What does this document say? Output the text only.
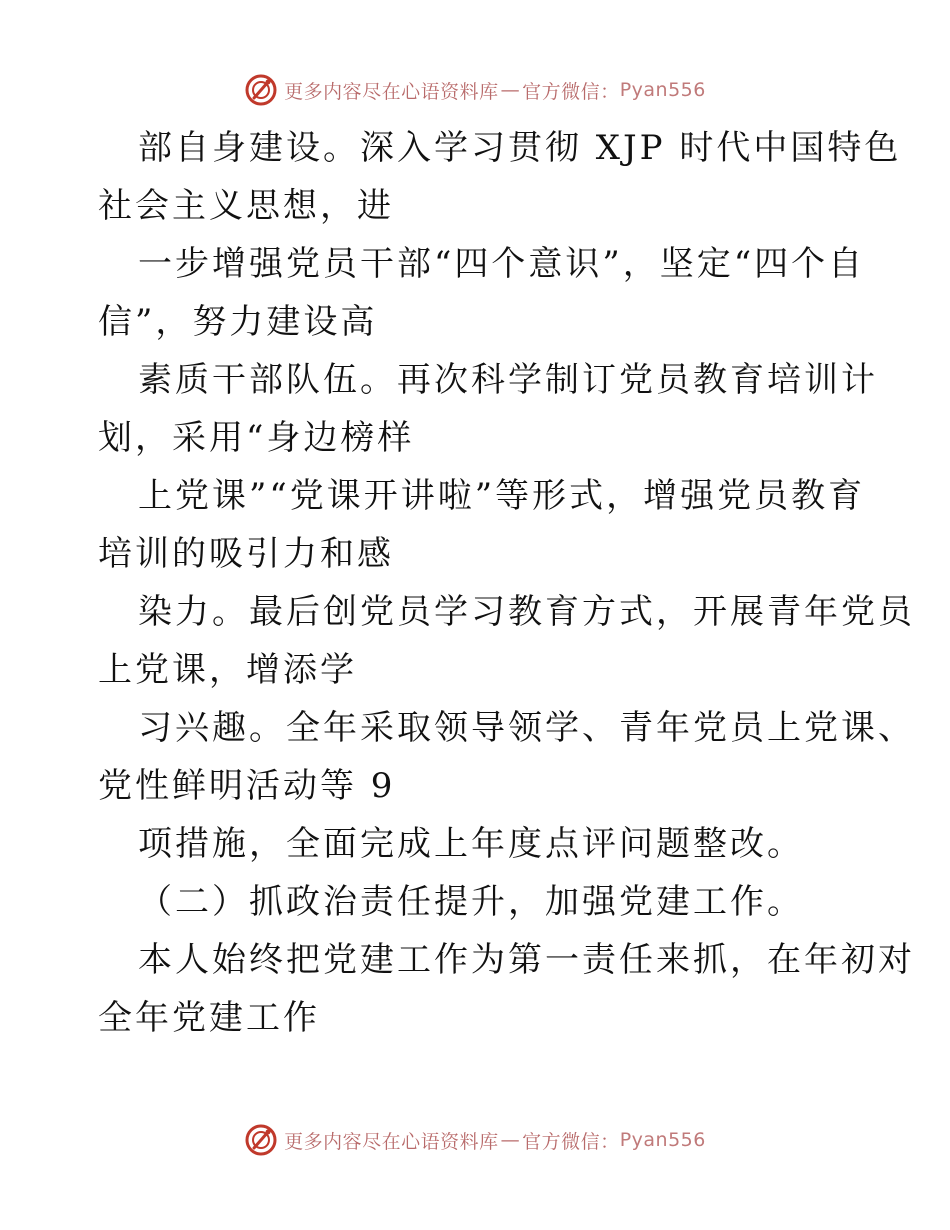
更多内容尽在心语资料库 — 官方微信： Pyan556
部自身建设。深入学习贯彻 XJP 时代中国特色
社会主义思想，进
一步增强党员干部“四个意识”，坚定“四个自
信”，努力建设高
素质干部队伍。再次科学制订党员教育培训计
划，采用“身边榜样
上党课”“党课开讲啦”等形式，增强党员教育
培训的吸引力和感
染力。最后创党员学习教育方式，开展青年党员
上党课，增添学
习兴趣。全年采取领导领学、青年党员上党课、
党性鲜明活动等 9
项措施，全面完成上年度点评问题整改。
（二）抓政治责任提升，加强党建工作。
本人始终把党建工作为第一责任来抓，在年初对
全年党建工作
更多内容尽在心语资料库 — 官方微信： Pyan556
